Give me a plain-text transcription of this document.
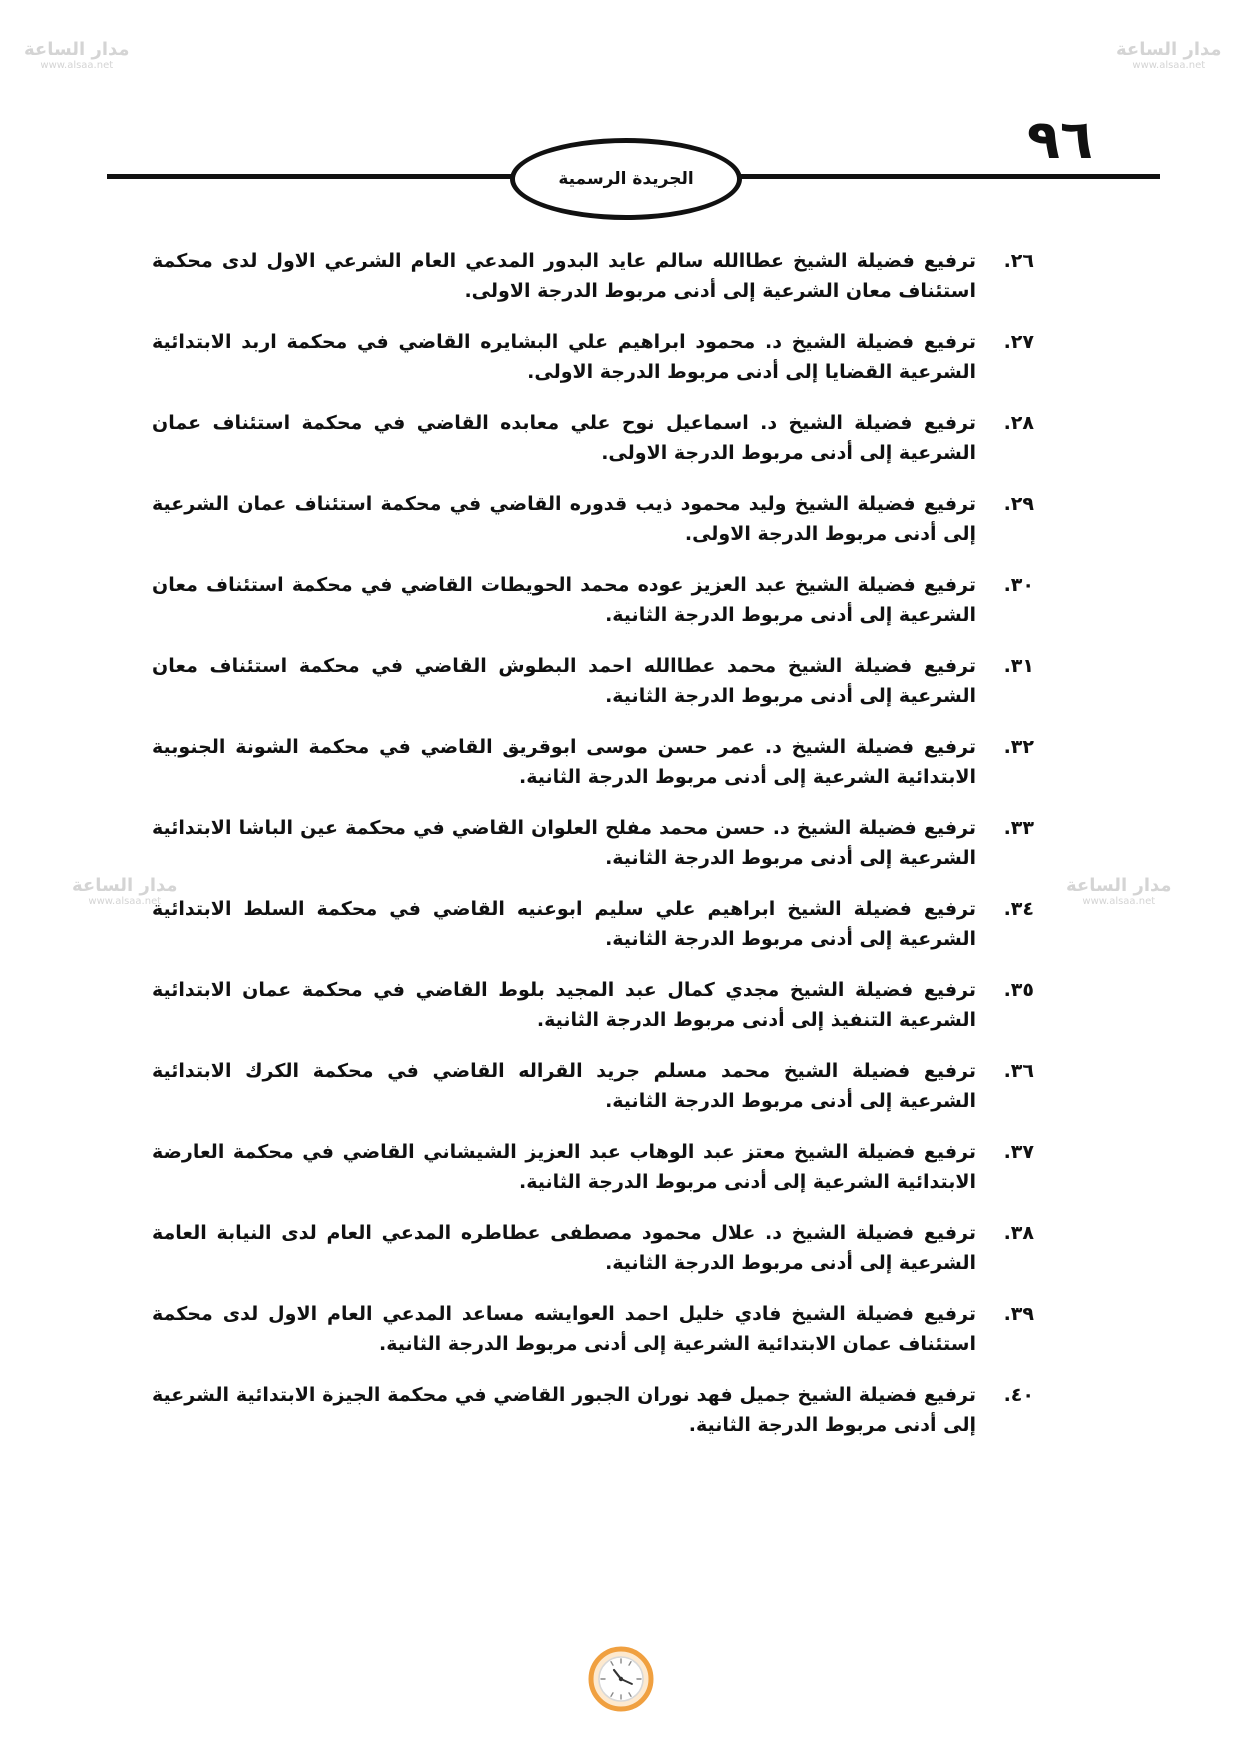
مدار الساعة
www.alsaa.net
مدار الساعة
www.alsaa.net
مدار الساعة
www.alsaa.net
مدار الساعة
www.alsaa.net
٩٦
الجريدة الرسمية
٢٦.
ترفيع فضيلة الشيخ عطاالله سالم عايد البدور المدعي العام الشرعي الاول لدى محكمة استئناف معان الشرعية إلى أدنى مربوط الدرجة الاولى.
٢٧.
ترفيع فضيلة الشيخ د. محمود ابراهيم علي البشايره القاضي في محكمة اربد الابتدائية الشرعية القضايا إلى أدنى مربوط الدرجة الاولى.
٢٨.
ترفيع فضيلة الشيخ د. اسماعيل نوح علي معابده القاضي في محكمة استئناف عمان الشرعية إلى أدنى مربوط الدرجة الاولى.
٢٩.
ترفيع فضيلة الشيخ وليد محمود ذيب قدوره القاضي في محكمة استئناف عمان الشرعية إلى أدنى مربوط الدرجة الاولى.
٣٠.
ترفيع فضيلة الشيخ عبد العزيز عوده محمد الحويطات القاضي في محكمة استئناف معان الشرعية إلى أدنى مربوط الدرجة الثانية.
٣١.
ترفيع فضيلة الشيخ محمد عطاالله احمد البطوش القاضي في محكمة استئناف معان الشرعية إلى أدنى مربوط الدرجة الثانية.
٣٢.
ترفيع فضيلة الشيخ د. عمر حسن موسى ابوقريق القاضي في محكمة الشونة الجنوبية الابتدائية الشرعية إلى أدنى مربوط الدرجة الثانية.
٣٣.
ترفيع فضيلة الشيخ د. حسن محمد مفلح العلوان القاضي في محكمة عين الباشا الابتدائية الشرعية إلى أدنى مربوط الدرجة الثانية.
٣٤.
ترفيع فضيلة الشيخ ابراهيم علي سليم ابوعنيه القاضي في محكمة السلط الابتدائية الشرعية إلى أدنى مربوط الدرجة الثانية.
٣٥.
ترفيع فضيلة الشيخ مجدي كمال عبد المجيد بلوط القاضي في محكمة عمان الابتدائية الشرعية التنفيذ إلى أدنى مربوط الدرجة الثانية.
٣٦.
ترفيع فضيلة الشيخ محمد مسلم جريد القراله القاضي في محكمة الكرك الابتدائية الشرعية إلى أدنى مربوط الدرجة الثانية.
٣٧.
ترفيع فضيلة الشيخ معتز عبد الوهاب عبد العزيز الشيشاني القاضي في محكمة العارضة الابتدائية الشرعية إلى أدنى مربوط الدرجة الثانية.
٣٨.
ترفيع فضيلة الشيخ د. علال محمود مصطفى عطاطره المدعي العام لدى النيابة العامة الشرعية إلى أدنى مربوط الدرجة الثانية.
٣٩.
ترفيع فضيلة الشيخ فادي خليل احمد العوايشه مساعد المدعي العام الاول لدى محكمة استئناف عمان الابتدائية الشرعية إلى أدنى مربوط الدرجة الثانية.
٤٠.
ترفيع فضيلة الشيخ جميل فهد نوران الجبور القاضي في محكمة الجيزة الابتدائية الشرعية إلى أدنى مربوط الدرجة الثانية.
